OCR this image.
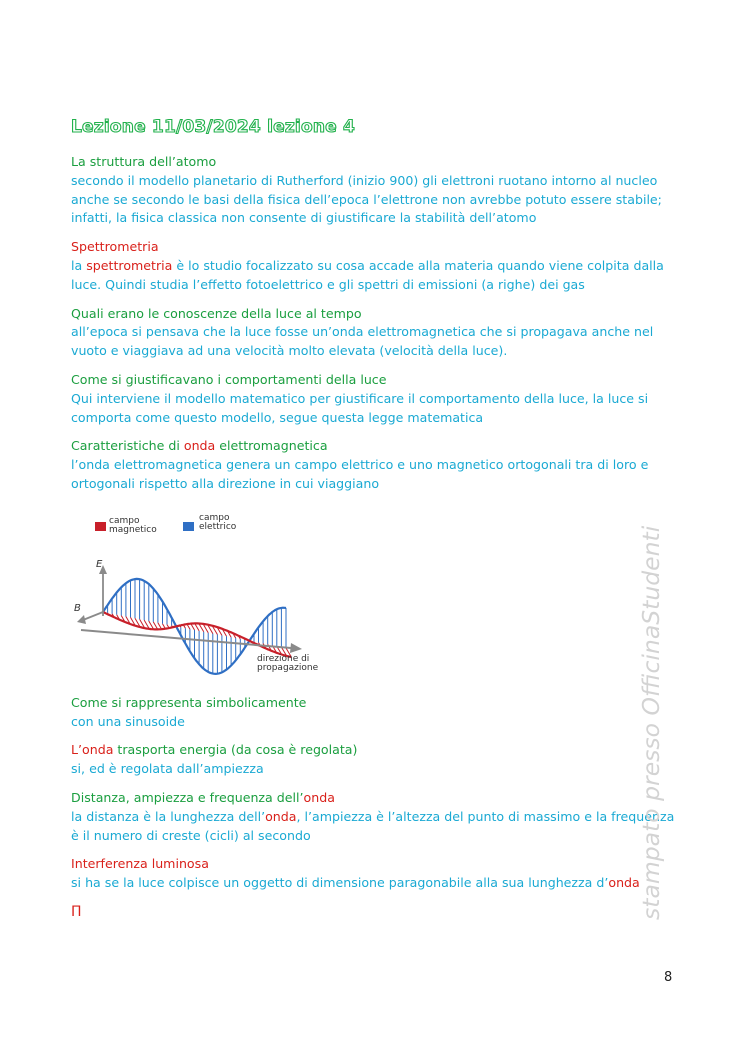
Lezione 11/03/2024 lezione 4
La struttura dell’atomo
secondo il modello planetario di Rutherford (inizio 900) gli elettroni ruotano intorno al nucleo anche se secondo le basi della fisica dell’epoca l’elettrone non avrebbe potuto essere stabile; infatti, la fisica classica non consente di giustificare la stabilità dell’atomo
Spettrometria
la spettrometria è lo studio focalizzato su cosa accade alla materia quando viene colpita dalla luce. Quindi studia l’effetto fotoelettrico e gli spettri di emissioni (a righe) dei gas
Quali erano le conoscenze della luce al tempo
all’epoca si pensava che la luce fosse un’onda elettromagnetica che si propagava anche nel vuoto e viaggiava ad una velocità molto elevata (velocità della luce).
Come si giustificavano i comportamenti della luce
Qui interviene il modello matematico per giustificare il comportamento della luce, la luce si comporta come questo modello, segue questa legge matematica
Caratteristiche di onda elettromagnetica
l’onda elettromagnetica genera un campo elettrico e uno magnetico ortogonali tra di loro e ortogonali rispetto alla direzione in cui viaggiano
campo
magnetico
campo
elettrico
E
B
direzione di
propagazione
Come si rappresenta simbolicamente
con una sinusoide
L’onda trasporta energia (da cosa è regolata)
si, ed è regolata dall’ampiezza
Distanza, ampiezza e frequenza dell’onda
la distanza è la lunghezza dell’onda, l’ampiezza è l’altezza del punto di massimo e la frequenza è il numero di creste (cicli) al secondo
Interferenza luminosa
si ha se la luce colpisce un oggetto di dimensione paragonabile alla sua lunghezza d’onda
Π	stampato presso OfficinaStudenti
8
